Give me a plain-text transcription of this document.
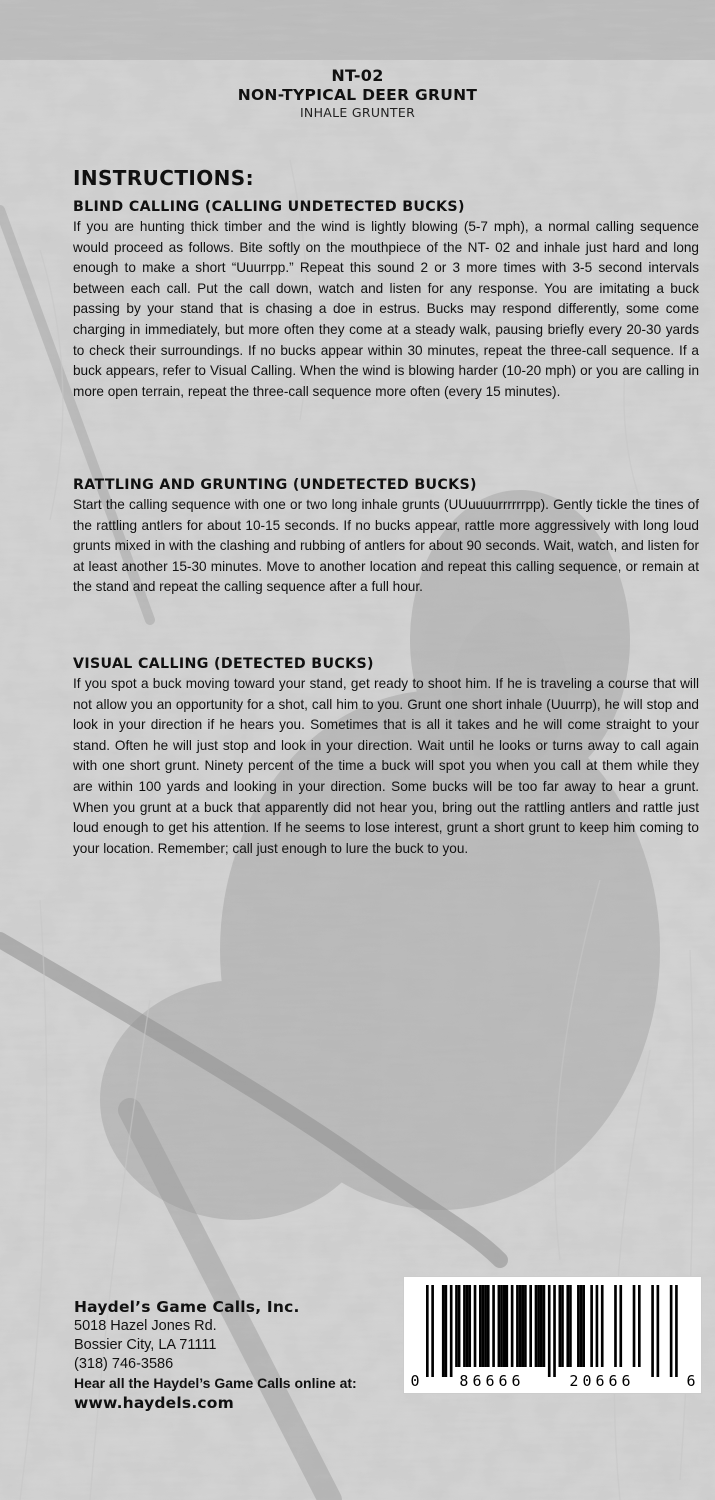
NT-02
NON-TYPICAL DEER GRUNT
INHALE GRUNTER
INSTRUCTIONS:
BLIND CALLING (CALLING UNDETECTED BUCKS)

If you are hunting thick timber and the wind is lightly blowing (5-7 mph), a normal calling sequence would proceed as follows. Bite softly on the mouthpiece of the NT- 02 and inhale just hard and long enough to make a short “Uuurrpp.” Repeat this sound 2 or 3 more times with 3-5 second intervals between each call. Put the call down, watch and listen for any response. You are imitating a buck passing by your stand that is chasing a doe in estrus. Bucks may respond differently, some come charging in immediately, but more often they come at a steady walk, pausing briefly every 20-30 yards to check their surroundings. If no bucks appear within 30 minutes, repeat the three-call sequence. If a buck appears, refer to Visual Calling. When the wind is blowing harder (10-20 mph) or you are calling in more open terrain, repeat the three-call sequence more often (every 15 minutes).

RATTLING AND GRUNTING (UNDETECTED BUCKS)

Start the calling sequence with one or two long inhale grunts (UUuuuurrrrrrpp). Gently tickle the tines of the rattling antlers for about 10-15 seconds. If no bucks appear, rattle more aggressively with long loud grunts mixed in with the clashing and rubbing of antlers for about 90 seconds. Wait, watch, and listen for at least another 15-30 minutes. Move to another location and repeat this calling sequence, or remain at the stand and repeat the calling sequence after a full hour.

VISUAL CALLING (DETECTED BUCKS)

If you spot a buck moving toward your stand, get ready to shoot him. If he is traveling a course that will not allow you an opportunity for a shot, call him to you. Grunt one short inhale (Uuurrp), he will stop and look in your direction if he hears you. Sometimes that is all it takes and he will come straight to your stand. Often he will just stop and look in your direction. Wait until he looks or turns away to call again with one short grunt. Ninety percent of the time a buck will spot you when you call at them while they are within 100 yards and looking in your direction. Some bucks will be too far away to hear a grunt. When you grunt at a buck that apparently did not hear you, bring out the rattling antlers and rattle just loud enough to get his attention. If he seems to lose interest, grunt a short grunt to keep him coming to your location. Remember; call just enough to lure the buck to you.

Haydel’s Game Calls, Inc.
5018 Hazel Jones Rd.
Bossier City, LA 71111
(318) 746-3586
Hear all the Haydel’s Game Calls online at:
www.haydels.com
0	86666	20666	6
